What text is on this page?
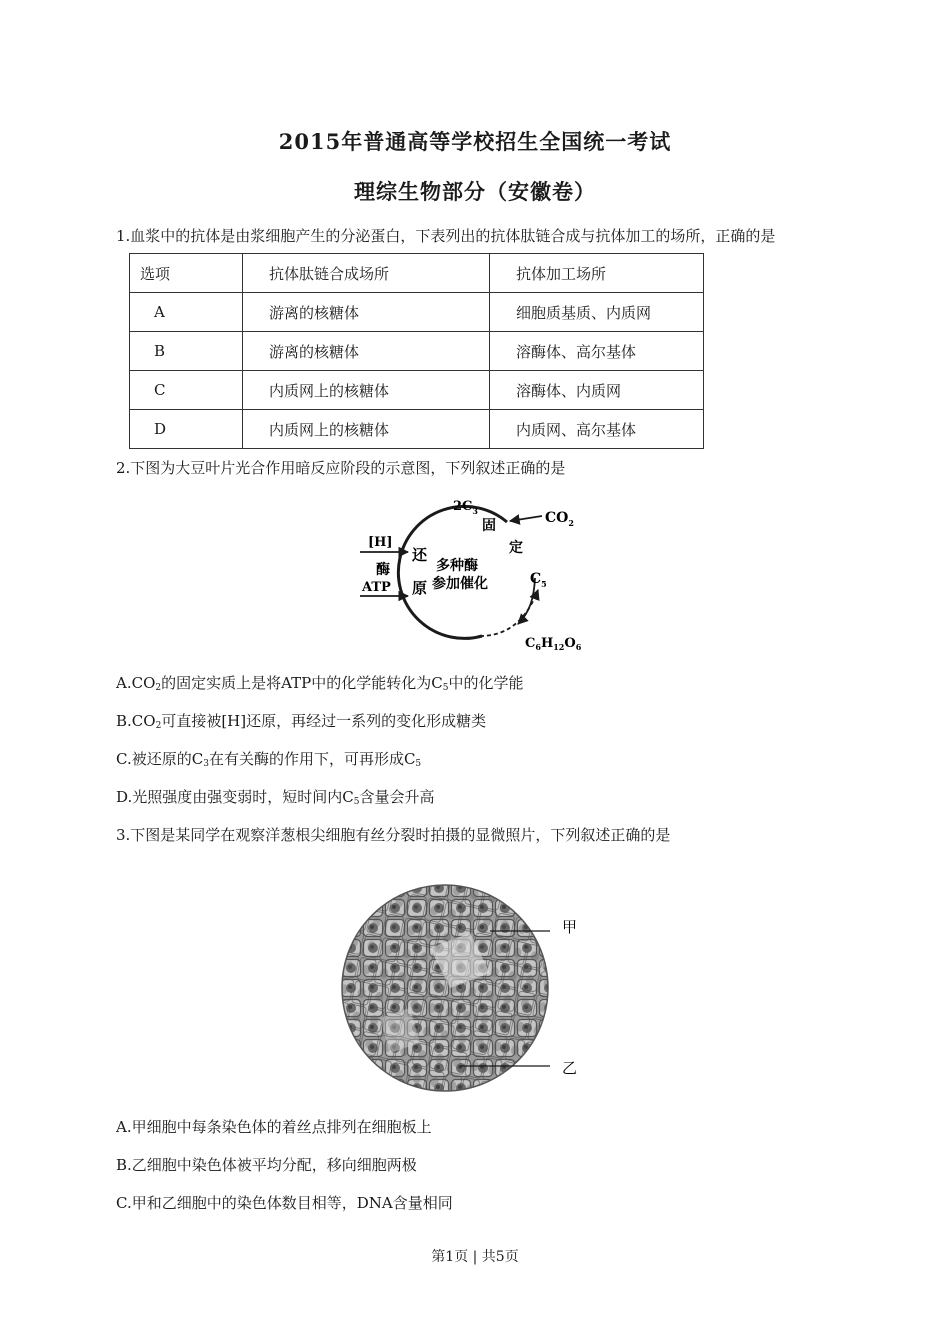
2015年普通高等学校招生全国统一考试
理综生物部分（安徽卷）
1.血浆中的抗体是由浆细胞产生的分泌蛋白，下表列出的抗体肽链合成与抗体加工的场所，正确的是
选项	抗体肽链合成场所	抗体加工场所
A	游离的核糖体	细胞质基质、内质网
B	游离的核糖体	溶酶体、高尔基体
C	内质网上的核糖体	溶酶体、内质网
D	内质网上的核糖体	内质网、高尔基体
2.下图为大豆叶片光合作用暗反应阶段的示意图，下列叙述正确的是
$2C_3$
固
定
$CO_2$
$C_5$
$C_6H_{12}O_6$
[H]
酶
ATP
还
原
多种酶
参加催化
$A.CO_2$的固定实质上是将ATP中的化学能转化为$C_5$中的化学能
$B.CO_2$可直接被[H]还原，再经过一系列的变化形成糖类
C.被还原的$C_3$在有关酶的作用下，可再形成$C_5$
D.光照强度由强变弱时，短时间内$C_5$含量会升高
3.下图是某同学在观察洋葱根尖细胞有丝分裂时拍摄的显微照片，下列叙述正确的是
甲
乙
A.甲细胞中每条染色体的着丝点排列在细胞板上
B.乙细胞中染色体被平均分配，移向细胞两极
C.甲和乙细胞中的染色体数目相等，DNA含量相同
第1页 | 共5页
